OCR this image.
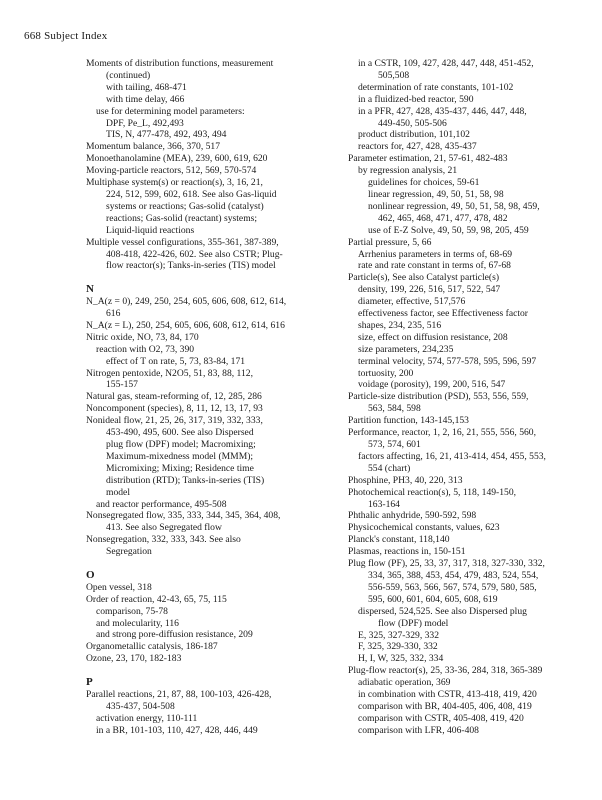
668 Subject Index
Moments of distribution functions, measurement
(continued)
with tailing, 468-471
with time delay, 466
use for determining model parameters:
DPF, Pe_L, 492,493
TIS, N, 477-478, 492, 493, 494
Momentum balance, 366, 370, 517
Monoethanolamine (MEA), 239, 600, 619, 620
Moving-particle reactors, 512, 569, 570-574
Multiphase system(s) or reaction(s), 3, 16, 21,
224, 512, 599, 602, 618. See also Gas-liquid
systems or reactions; Gas-solid (catalyst)
reactions; Gas-solid (reactant) systems;
Liquid-liquid reactions
Multiple vessel configurations, 355-361, 387-389,
408-418, 422-426, 602. See also CSTR; Plug-
flow reactor(s); Tanks-in-series (TIS) model
N
N_A(z = 0), 249, 250, 254, 605, 606, 608, 612, 614,
616
N_A(z = L), 250, 254, 605, 606, 608, 612, 614, 616
Nitric oxide, NO, 73, 84, 170
reaction with O2, 73, 390
effect of T on rate, 5, 73, 83-84, 171
Nitrogen pentoxide, N2O5, 51, 83, 88, 112,
155-157
Natural gas, steam-reforming of, 12, 285, 286
Noncomponent (species), 8, 11, 12, 13, 17, 93
Nonideal flow, 21, 25, 26, 317, 319, 332, 333,
453-490, 495, 600. See also Dispersed
plug flow (DPF) model; Macromixing;
Maximum-mixedness model (MMM);
Micromixing; Mixing; Residence time
distribution (RTD); Tanks-in-series (TIS)
model
and reactor performance, 495-508
Nonsegregated flow, 335, 333, 344, 345, 364, 408,
413. See also Segregated flow
Nonsegregation, 332, 333, 343. See also
Segregation
O
Open vessel, 318
Order of reaction, 42-43, 65, 75, 115
comparison, 75-78
and molecularity, 116
and strong pore-diffusion resistance, 209
Organometallic catalysis, 186-187
Ozone, 23, 170, 182-183
P
Parallel reactions, 21, 87, 88, 100-103, 426-428,
435-437, 504-508
activation energy, 110-111
in a BR, 101-103, 110, 427, 428, 446, 449
in a CSTR, 109, 427, 428, 447, 448, 451-452,
505,508
determination of rate constants, 101-102
in a fluidized-bed reactor, 590
in a PFR, 427, 428, 435-437, 446, 447, 448,
449-450, 505-506
product distribution, 101,102
reactors for, 427, 428, 435-437
Parameter estimation, 21, 57-61, 482-483
by regression analysis, 21
guidelines for choices, 59-61
linear regression, 49, 50, 51, 58, 98
nonlinear regression, 49, 50, 51, 58, 98, 459,
462, 465, 468, 471, 477, 478, 482
use of E-Z Solve, 49, 50, 59, 98, 205, 459
Partial pressure, 5, 66
Arrhenius parameters in terms of, 68-69
rate and rate constant in terms of, 67-68
Particle(s), See also Catalyst particle(s)
density, 199, 226, 516, 517, 522, 547
diameter, effective, 517,576
effectiveness factor, see Effectiveness factor
shapes, 234, 235, 516
size, effect on diffusion resistance, 208
size parameters, 234,235
terminal velocity, 574, 577-578, 595, 596, 597
tortuosity, 200
voidage (porosity), 199, 200, 516, 547
Particle-size distribution (PSD), 553, 556, 559,
563, 584, 598
Partition function, 143-145,153
Performance, reactor, 1, 2, 16, 21, 555, 556, 560,
573, 574, 601
factors affecting, 16, 21, 413-414, 454, 455, 553,
554 (chart)
Phosphine, PH3, 40, 220, 313
Photochemical reaction(s), 5, 118, 149-150,
163-164
Phthalic anhydride, 590-592, 598
Physicochemical constants, values, 623
Planck's constant, 118,140
Plasmas, reactions in, 150-151
Plug flow (PF), 25, 33, 37, 317, 318, 327-330, 332,
334, 365, 388, 453, 454, 479, 483, 524, 554,
556-559, 563, 566, 567, 574, 579, 580, 585,
595, 600, 601, 604, 605, 608, 619
dispersed, 524,525. See also Dispersed plug
flow (DPF) model
E, 325, 327-329, 332
F, 325, 329-330, 332
H, I, W, 325, 332, 334
Plug-flow reactor(s), 25, 33-36, 284, 318, 365-389
adiabatic operation, 369
in combination with CSTR, 413-418, 419, 420
comparison with BR, 404-405, 406, 408, 419
comparison with CSTR, 405-408, 419, 420
comparison with LFR, 406-408
